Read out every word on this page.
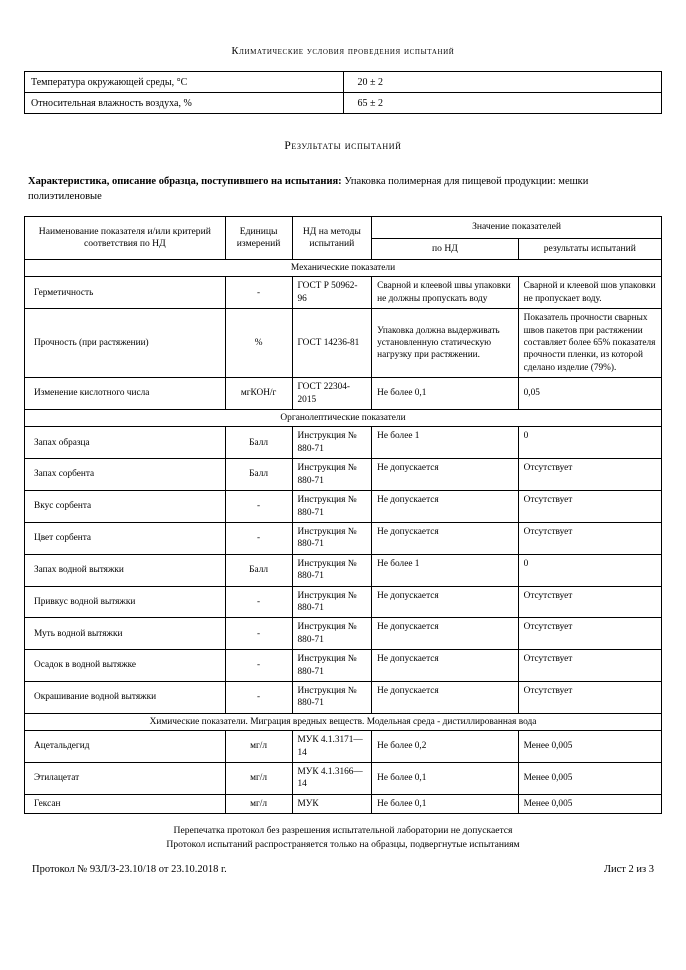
Климатические условия проведения испытаний
Температура окружающей среды, °С	20 ± 2
Относительная влажность воздуха, %	65 ± 2
Результаты испытаний
Характеристика, описание образца, поступившего на испытания: Упаковка полимерная для пищевой продукции: мешки полиэтиленовые
Наименование показателя и/или критерий соответствия по НД	Единицы измерений	НД на методы испытаний	Значение показателей	
			по НД	результаты испытаний
Механические показатели				
Герметичность	-	ГОСТ Р 50962-96	Сварной и клеевой швы упаковки не должны пропускать воду	Сварной и клеевой шов упаковки не пропускает воду.
Прочность (при растяжении)	%	ГОСТ 14236-81	Упаковка должна выдерживать установленную статическую нагрузку при растяжении.	Показатель прочности сварных швов пакетов при растяжении составляет более 65% показателя прочности пленки, из которой сделано изделие (79%).
Изменение кислотного числа	мгКОН/г	ГОСТ 22304-2015	Не более 0,1	0,05
Органолептические показатели				
Запах образца	Балл	Инструкция № 880-71	Не более 1	0
Запах сорбента	Балл	Инструкция № 880-71	Не допускается	Отсутствует
Вкус сорбента	-	Инструкция № 880-71	Не допускается	Отсутствует
Цвет сорбента	-	Инструкция № 880-71	Не допускается	Отсутствует
Запах водной вытяжки	Балл	Инструкция № 880-71	Не более 1	0
Привкус водной вытяжки	-	Инструкция № 880-71	Не допускается	Отсутствует
Муть водной вытяжки	-	Инструкция № 880-71	Не допускается	Отсутствует
Осадок в водной вытяжке	-	Инструкция № 880-71	Не допускается	Отсутствует
Окрашивание водной вытяжки	-	Инструкция № 880-71	Не допускается	Отсутствует
Химические показатели. Миграция вредных веществ. Модельная среда - дистиллированная вода				
Ацетальдегид	мг/л	МУК 4.1.3171—14	Не более 0,2	Менее 0,005
Этилацетат	мг/л	МУК 4.1.3166—14	Не более 0,1	Менее 0,005
Гексан	мг/л	МУК	Не более 0,1	Менее 0,005
Перепечатка протокол без разрешения испытательной лаборатории не допускается
Протокол испытаний распространяется только на образцы, подвергнутые испытаниям
Протокол № 93Л/З-23.10/18 от 23.10.2018 г.	Лист 2 из 3
